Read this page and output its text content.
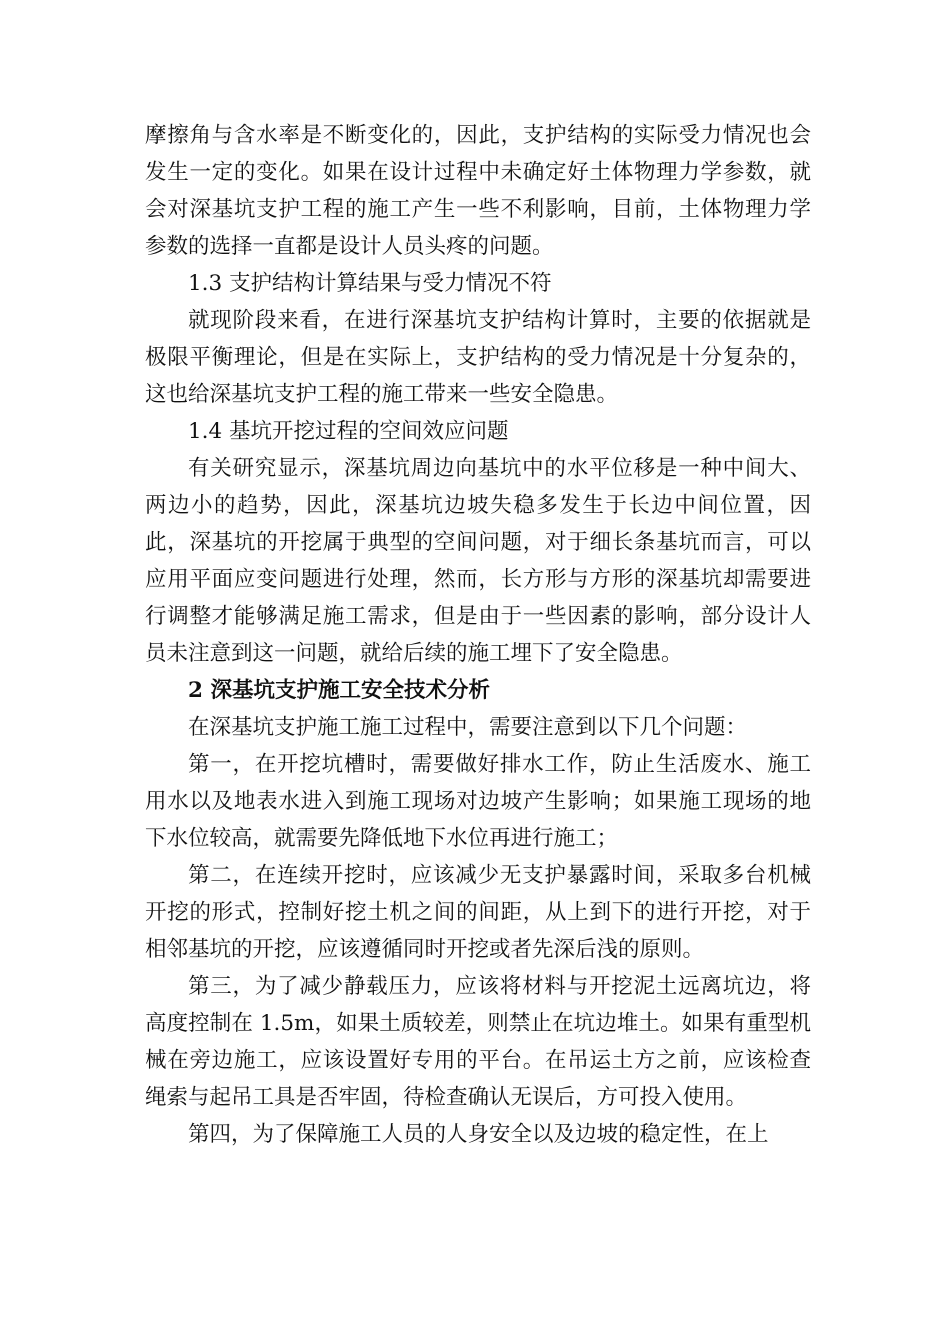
摩擦角与含水率是不断变化的，因此，支护结构的实际受力情况也会发生一定的变化。如果在设计过程中未确定好土体物理力学参数，就会对深基坑支护工程的施工产生一些不利影响，目前，土体物理力学参数的选择一直都是设计人员头疼的问题。

1.3 支护结构计算结果与受力情况不符

就现阶段来看，在进行深基坑支护结构计算时，主要的依据就是极限平衡理论，但是在实际上，支护结构的受力情况是十分复杂的，这也给深基坑支护工程的施工带来一些安全隐患。

1.4 基坑开挖过程的空间效应问题

有关研究显示，深基坑周边向基坑中的水平位移是一种中间大、两边小的趋势，因此，深基坑边坡失稳多发生于长边中间位置，因此，深基坑的开挖属于典型的空间问题，对于细长条基坑而言，可以应用平面应变问题进行处理，然而，长方形与方形的深基坑却需要进行调整才能够满足施工需求，但是由于一些因素的影响，部分设计人员未注意到这一问题，就给后续的施工埋下了安全隐患。

2 深基坑支护施工安全技术分析

在深基坑支护施工施工过程中，需要注意到以下几个问题：

第一，在开挖坑槽时，需要做好排水工作，防止生活废水、施工用水以及地表水进入到施工现场对边坡产生影响；如果施工现场的地下水位较高，就需要先降低地下水位再进行施工；

第二，在连续开挖时，应该减少无支护暴露时间，采取多台机械开挖的形式，控制好挖土机之间的间距，从上到下的进行开挖，对于相邻基坑的开挖，应该遵循同时开挖或者先深后浅的原则。

第三，为了减少静载压力，应该将材料与开挖泥土远离坑边，将高度控制在 1.5m，如果土质较差，则禁止在坑边堆土。如果有重型机械在旁边施工，应该设置好专用的平台。在吊运土方之前，应该检查绳索与起吊工具是否牢固，待检查确认无误后，方可投入使用。

第四，为了保障施工人员的人身安全以及边坡的稳定性，在上
